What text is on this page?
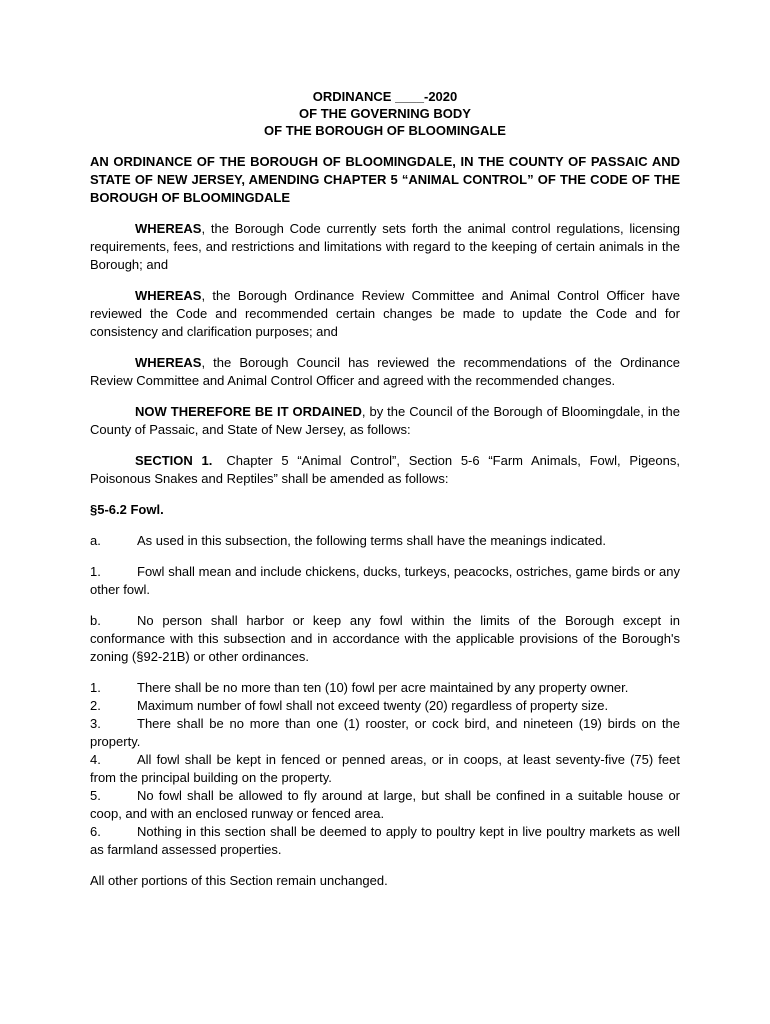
ORDINANCE ____-2020
OF THE GOVERNING BODY
OF THE BOROUGH OF BLOOMINGALE

AN ORDINANCE OF THE BOROUGH OF BLOOMINGDALE, IN THE COUNTY OF PASSAIC AND STATE OF NEW JERSEY, AMENDING CHAPTER 5 “ANIMAL CONTROL” OF THE CODE OF THE BOROUGH OF BLOOMINGDALE

WHEREAS, the Borough Code currently sets forth the animal control regulations, licensing requirements, fees, and restrictions and limitations with regard to the keeping of certain animals in the Borough; and

WHEREAS, the Borough Ordinance Review Committee and Animal Control Officer have reviewed the Code and recommended certain changes be made to update the Code and for consistency and clarification purposes; and

WHEREAS, the Borough Council has reviewed the recommendations of the Ordinance Review Committee and Animal Control Officer and agreed with the recommended changes.

NOW THEREFORE BE IT ORDAINED, by the Council of the Borough of Bloomingdale, in the County of Passaic, and State of New Jersey, as follows:

SECTION 1. Chapter 5 “Animal Control”, Section 5-6 “Farm Animals, Fowl, Pigeons, Poisonous Snakes and Reptiles” shall be amended as follows:

§5-6.2 Fowl.

a.	As used in this subsection, the following terms shall have the meanings indicated.

1.	Fowl shall mean and include chickens, ducks, turkeys, peacocks, ostriches, game birds or any other fowl.

b.	No person shall harbor or keep any fowl within the limits of the Borough except in conformance with this subsection and in accordance with the applicable provisions of the Borough's zoning (§92-21B) or other ordinances.

1.	There shall be no more than ten (10) fowl per acre maintained by any property owner.

2.	Maximum number of fowl shall not exceed twenty (20) regardless of property size.

3.	There shall be no more than one (1) rooster, or cock bird, and nineteen (19) birds on the property.

4.	All fowl shall be kept in fenced or penned areas, or in coops, at least seventy-five (75) feet from the principal building on the property.

5.	No fowl shall be allowed to fly around at large, but shall be confined in a suitable house or coop, and with an enclosed runway or fenced area.

6.	Nothing in this section shall be deemed to apply to poultry kept in live poultry markets as well as farmland assessed properties.

All other portions of this Section remain unchanged.
